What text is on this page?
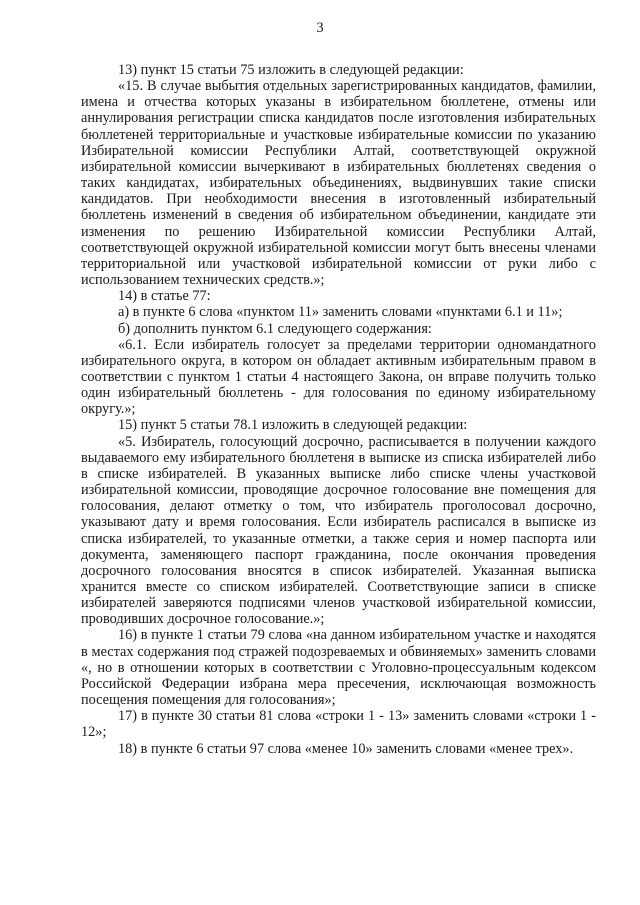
3

13) пункт 15 статьи 75 изложить в следующей редакции:

«15. В случае выбытия отдельных зарегистрированных кандидатов, фамилии, имена и отчества которых указаны в избирательном бюллетене, отмены или аннулирования регистрации списка кандидатов после изготовления избирательных бюллетеней территориальные и участковые избирательные комиссии по указанию Избирательной комиссии Республики Алтай, соответствующей окружной избирательной комиссии вычеркивают в избирательных бюллетенях сведения о таких кандидатах, избирательных объединениях, выдвинувших такие списки кандидатов. При необходимости внесения в изготовленный избирательный бюллетень изменений в сведения об избирательном объединении, кандидате эти изменения по решению Избирательной комиссии Республики Алтай, соответствующей окружной избирательной комиссии могут быть внесены членами территориальной или участковой избирательной комиссии от руки либо с использованием технических средств.»;

14) в статье 77:

а) в пункте 6 слова «пунктом 11» заменить словами «пунктами 6.1 и 11»;

б) дополнить пунктом 6.1 следующего содержания:

«6.1. Если избиратель голосует за пределами территории одномандатного избирательного округа, в котором он обладает активным избирательным правом в соответствии с пунктом 1 статьи 4 настоящего Закона, он вправе получить только один избирательный бюллетень - для голосования по единому избирательному округу.»;

15) пункт 5 статьи 78.1 изложить в следующей редакции:

«5. Избиратель, голосующий досрочно, расписывается в получении каждого выдаваемого ему избирательного бюллетеня в выписке из списка избирателей либо в списке избирателей. В указанных выписке либо списке члены участковой избирательной комиссии, проводящие досрочное голосование вне помещения для голосования, делают отметку о том, что избиратель проголосовал досрочно, указывают дату и время голосования. Если избиратель расписался в выписке из списка избирателей, то указанные отметки, а также серия и номер паспорта или документа, заменяющего паспорт гражданина, после окончания проведения досрочного голосования вносятся в список избирателей. Указанная выписка хранится вместе со списком избирателей. Соответствующие записи в списке избирателей заверяются подписями членов участковой избирательной комиссии, проводивших досрочное голосование.»;

16) в пункте 1 статьи 79 слова «на данном избирательном участке и находятся в местах содержания под стражей подозреваемых и обвиняемых» заменить словами «, но в отношении которых в соответствии с Уголовно-процессуальным кодексом Российской Федерации избрана мера пресечения, исключающая возможность посещения помещения для голосования»;

17) в пункте 30 статьи 81 слова «строки 1 - 13» заменить словами «строки 1 - 12»;

18) в пункте 6 статьи 97 слова «менее 10» заменить словами «менее трех».
